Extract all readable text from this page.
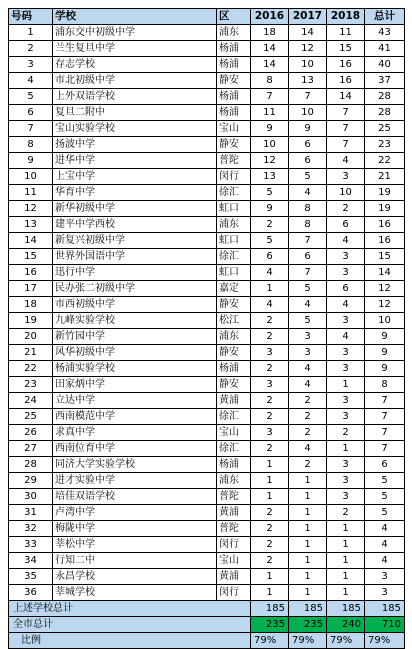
号码	学校	区	2016	2017	2018	总计
1	浦东交中初级中学	浦东	18	14	11	43
2	兰生复旦中学	杨浦	14	12	15	41
3	存志学校	杨浦	14	10	16	40
4	市北初级中学	静安	8	13	16	37
5	上外双语学校	杨浦	7	7	14	28
6	复旦二附中	杨浦	11	10	7	28
7	宝山实验学校	宝山	9	9	7	25
8	扬波中学	静安	10	6	7	23
9	进华中学	普陀	12	6	4	22
10	上宝中学	闵行	13	5	3	21
11	华育中学	徐汇	5	4	10	19
12	新华初级中学	虹口	9	8	2	19
13	建平中学西校	浦东	2	8	6	16
14	新复兴初级中学	虹口	5	7	4	16
15	世界外国语中学	徐汇	6	6	3	15
16	迅行中学	虹口	4	7	3	14
17	民办张二初级中学	嘉定	1	5	6	12
18	市西初级中学	静安	4	4	4	12
19	九峰实验学校	松江	2	5	3	10
20	新竹园中学	浦东	2	3	4	9
21	风华初级中学	静安	3	3	3	9
22	杨浦实验学校	杨浦	2	4	3	9
23	田家炳中学	静安	3	4	1	8
24	立达中学	黄浦	2	2	3	7
25	西南模范中学	徐汇	2	2	3	7
26	求真中学	宝山	3	2	2	7
27	西南位育中学	徐汇	2	4	1	7
28	同济大学实验学校	杨浦	1	2	3	6
29	进才实验中学	浦东	1	1	3	5
30	培佳双语学校	普陀	1	1	3	5
31	卢湾中学	黄浦	2	1	2	5
32	梅陇中学	普陀	2	1	1	4
33	莘松中学	闵行	2	1	1	4
34	行知二中	宝山	2	1	1	4
35	永昌学校	黄浦	1	1	1	3
36	莘城学校	闵行	1	1	1	3
上述学校总计			185	185	185	185
全市总计			235	235	240	710
比例			79%	79%	79%	79%
